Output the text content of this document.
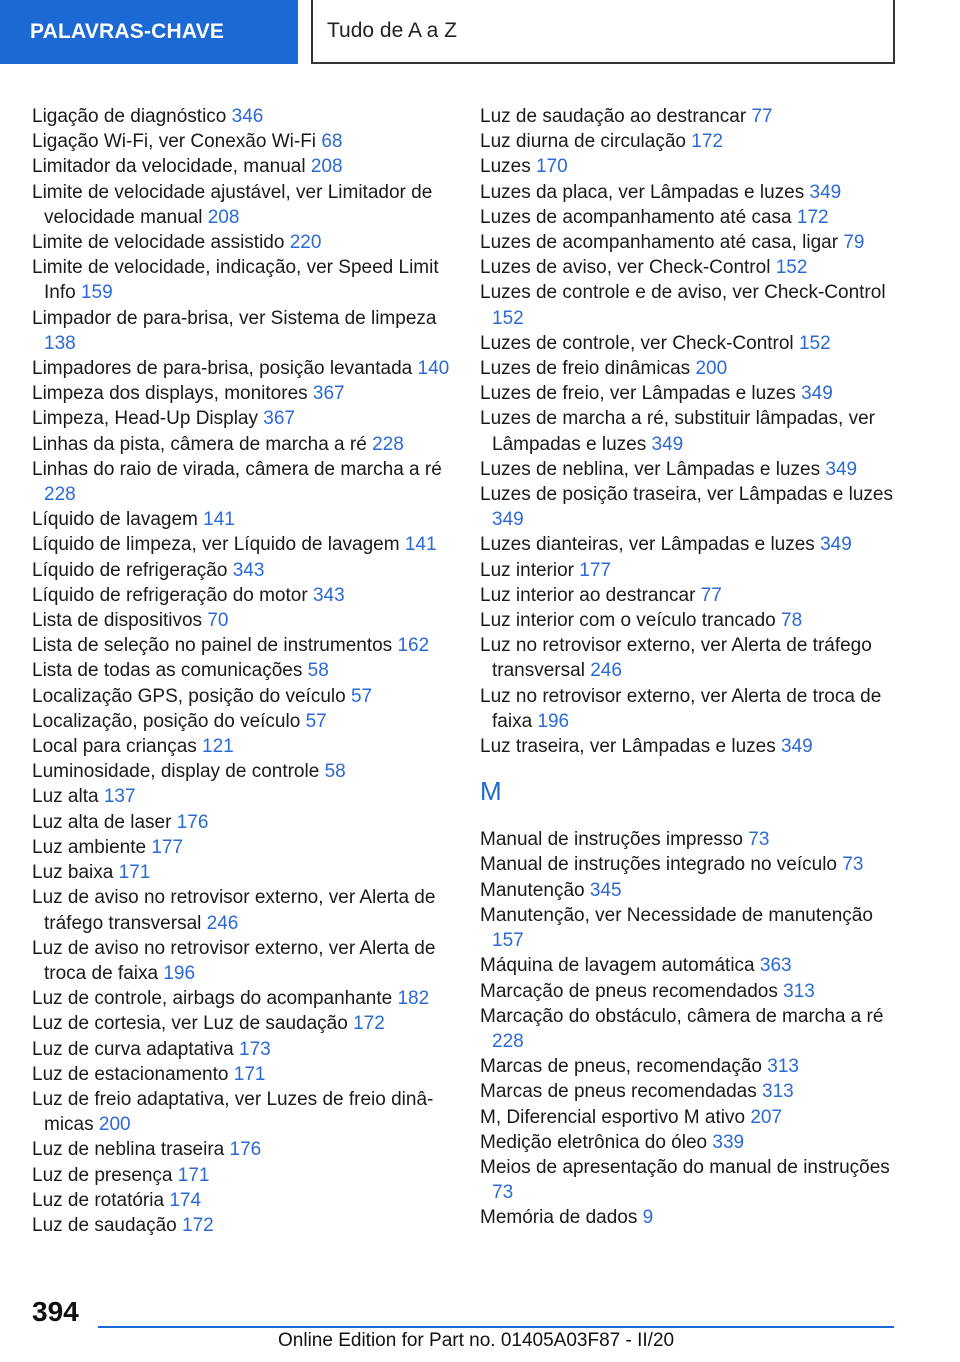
PALAVRAS-CHAVE	Tudo de A a Z
Ligação de diagnóstico 346
Ligação Wi-Fi, ver Conexão Wi-Fi 68
Limitador da velocidade, manual 208
Limite de velocidade ajustável, ver Limitador de velocidade manual 208
Limite de velocidade assistido 220
Limite de velocidade, indicação, ver Speed Limit Info 159
Limpador de para-brisa, ver Sistema de limpeza 138
Limpadores de para-brisa, posição levantada 140
Limpeza dos displays, monitores 367
Limpeza, Head-Up Display 367
Linhas da pista, câmera de marcha a ré 228
Linhas do raio de virada, câmera de marcha a ré 228
Líquido de lavagem 141
Líquido de limpeza, ver Líquido de lavagem 141
Líquido de refrigeração 343
Líquido de refrigeração do motor 343
Lista de dispositivos 70
Lista de seleção no painel de instrumentos 162
Lista de todas as comunicações 58
Localização GPS, posição do veículo 57
Localização, posição do veículo 57
Local para crianças 121
Luminosidade, display de controle 58
Luz alta 137
Luz alta de laser 176
Luz ambiente 177
Luz baixa 171
Luz de aviso no retrovisor externo, ver Alerta de tráfego transversal 246
Luz de aviso no retrovisor externo, ver Alerta de troca de faixa 196
Luz de controle, airbags do acompanhante 182
Luz de cortesia, ver Luz de saudação 172
Luz de curva adaptativa 173
Luz de estacionamento 171
Luz de freio adaptativa, ver Luzes de freio dinâmicas 200
Luz de neblina traseira 176
Luz de presença 171
Luz de rotatória 174
Luz de saudação 172
Luz de saudação ao destrancar 77
Luz diurna de circulação 172
Luzes 170
Luzes da placa, ver Lâmpadas e luzes 349
Luzes de acompanhamento até casa 172
Luzes de acompanhamento até casa, ligar 79
Luzes de aviso, ver Check-Control 152
Luzes de controle e de aviso, ver Check-Control 152
Luzes de controle, ver Check-Control 152
Luzes de freio dinâmicas 200
Luzes de freio, ver Lâmpadas e luzes 349
Luzes de marcha a ré, substituir lâmpadas, ver Lâmpadas e luzes 349
Luzes de neblina, ver Lâmpadas e luzes 349
Luzes de posição traseira, ver Lâmpadas e luzes 349
Luzes dianteiras, ver Lâmpadas e luzes 349
Luz interior 177
Luz interior ao destrancar 77
Luz interior com o veículo trancado 78
Luz no retrovisor externo, ver Alerta de tráfego transversal 246
Luz no retrovisor externo, ver Alerta de troca de faixa 196
Luz traseira, ver Lâmpadas e luzes 349
M
Manual de instruções impresso 73
Manual de instruções integrado no veículo 73
Manutenção 345
Manutenção, ver Necessidade de manutenção 157
Máquina de lavagem automática 363
Marcação de pneus recomendados 313
Marcação do obstáculo, câmera de marcha a ré 228
Marcas de pneus, recomendação 313
Marcas de pneus recomendadas 313
M, Diferencial esportivo M ativo 207
Medição eletrônica do óleo 339
Meios de apresentação do manual de instruções 73
Memória de dados 9
394
Online Edition for Part no. 01405A03F87 - II/20
